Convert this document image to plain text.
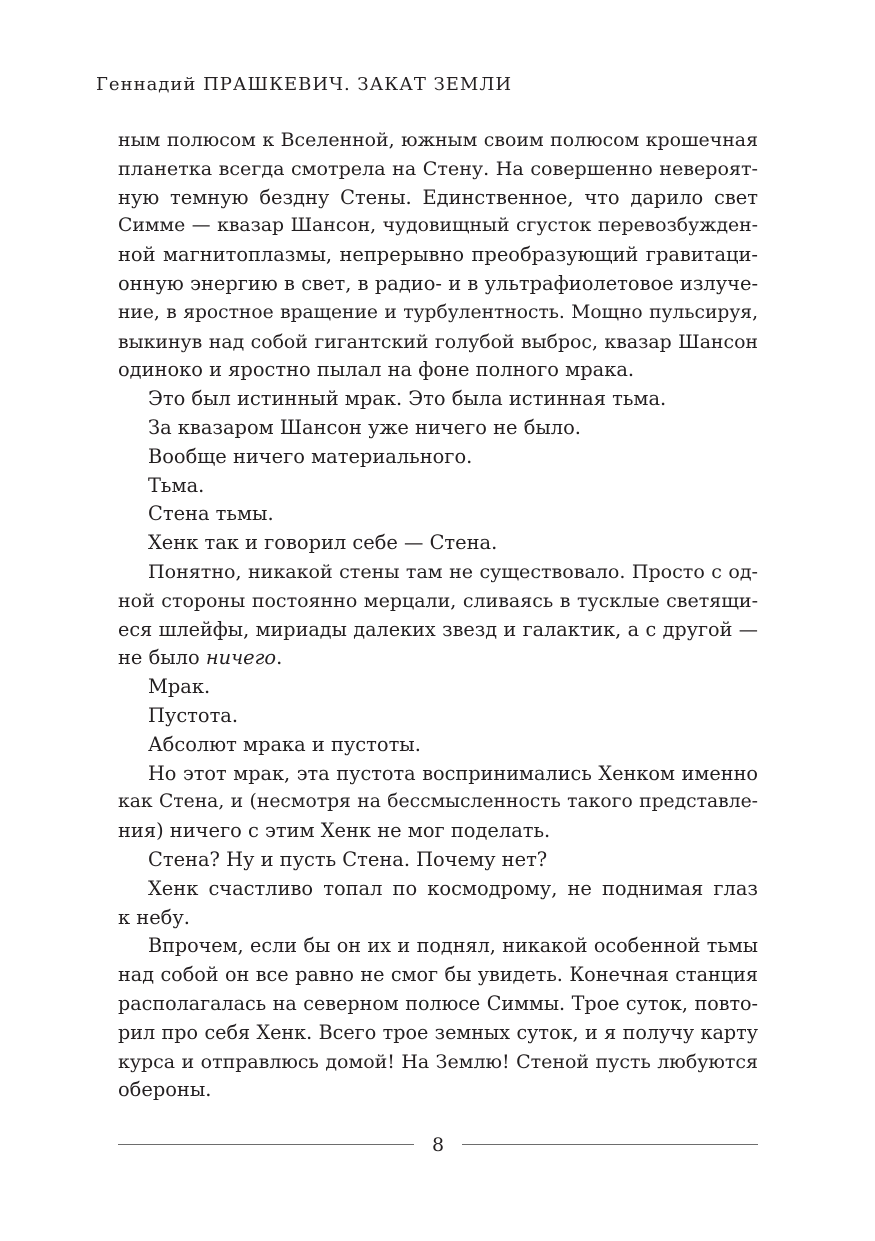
Геннадий ПРАШКЕВИЧ. ЗАКАТ ЗЕМЛИ
ным полюсом к Вселенной, южным своим полюсом крошечная
планетка всегда смотрела на Стену. На совершенно невероят-
ную темную бездну Стены. Единственное, что дарило свет
Симме — квазар Шансон, чудовищный сгусток перевозбужден-
ной магнитоплазмы, непрерывно преобразующий гравитаци-
онную энергию в свет, в радио- и в ультрафиолетовое излуче-
ние, в яростное вращение и турбулентность. Мощно пульсируя,
выкинув над собой гигантский голубой выброс, квазар Шансон
одиноко и яростно пылал на фоне полного мрака.
Это был истинный мрак. Это была истинная тьма.
За квазаром Шансон уже ничего не было.
Вообще ничего материального.
Тьма.
Стена тьмы.
Хенк так и говорил себе — Стена.
Понятно, никакой стены там не существовало. Просто с од-
ной стороны постоянно мерцали, сливаясь в тусклые светящи-
еся шлейфы, мириады далеких звезд и галактик, а с другой —
не было ничего.
Мрак.
Пустота.
Абсолют мрака и пустоты.
Но этот мрак, эта пустота воспринимались Хенком именно
как Стена, и (несмотря на бессмысленность такого представле-
ния) ничего с этим Хенк не мог поделать.
Стена? Ну и пусть Стена. Почему нет?
Хенк счастливо топал по космодрому, не поднимая глаз
к небу.
Впрочем, если бы он их и поднял, никакой особенной тьмы
над собой он все равно не смог бы увидеть. Конечная станция
располагалась на северном полюсе Симмы. Трое суток, повто-
рил про себя Хенк. Всего трое земных суток, и я получу карту
курса и отправлюсь домой! На Землю! Стеной пусть любуются
обероны.
8
